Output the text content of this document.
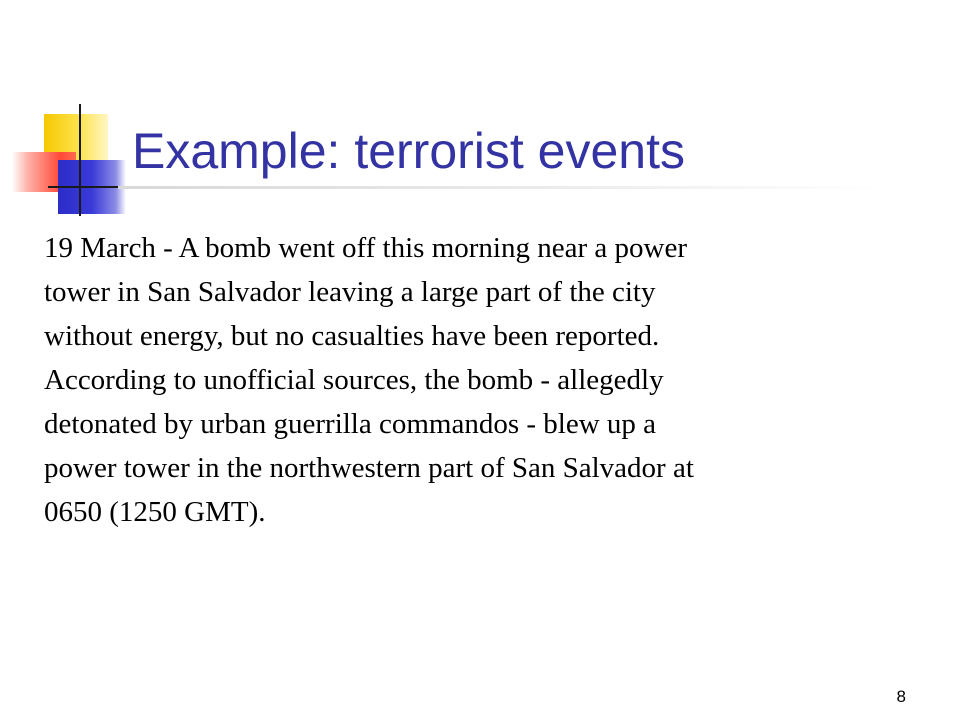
Example: terrorist events

19 March - A bomb went off this morning near a power
tower in San Salvador leaving a large part of the city
without energy, but no casualties have been reported.
According to unofficial sources, the bomb - allegedly
detonated by urban guerrilla commandos - blew up a
power tower in the northwestern part of San Salvador at
0650 (1250 GMT).

8
